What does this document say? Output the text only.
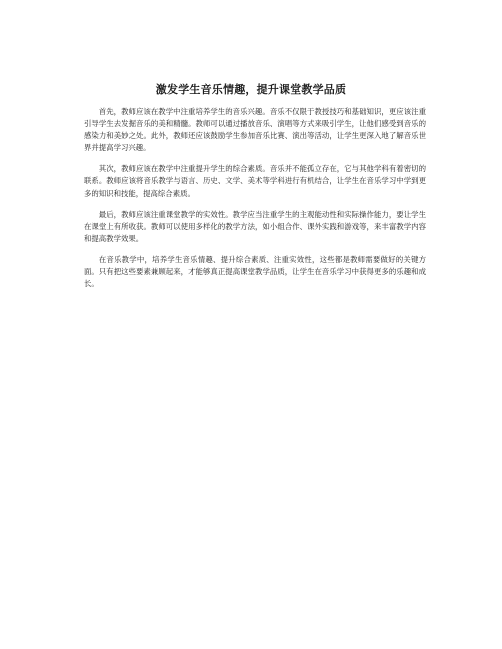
激发学生音乐情趣，提升课堂教学品质

首先，教师应该在教学中注重培养学生的音乐兴趣。音乐不仅限于教授技巧和基础知识，更应该注重引导学生去发掘音乐的美和精髓。教师可以通过播放音乐、演唱等方式来吸引学生，让他们感受到音乐的感染力和美妙之处。此外，教师还应该鼓励学生参加音乐比赛、演出等活动，让学生更深入地了解音乐世界并提高学习兴趣。

其次，教师应该在教学中注重提升学生的综合素质。音乐并不能孤立存在，它与其他学科有着密切的联系。教师应该将音乐教学与语言、历史、文学、美术等学科进行有机结合，让学生在音乐学习中学到更多的知识和技能，提高综合素质。

最后，教师应该注重课堂教学的实效性。教学应当注重学生的主观能动性和实际操作能力，要让学生在课堂上有所收获。教师可以使用多样化的教学方法，如小组合作、课外实践和游戏等，来丰富教学内容和提高教学效果。

在音乐教学中，培养学生音乐情趣、提升综合素质、注重实效性，这些都是教师需要做好的关键方面。只有把这些要素兼顾起来，才能够真正提高课堂教学品质，让学生在音乐学习中获得更多的乐趣和成长。
